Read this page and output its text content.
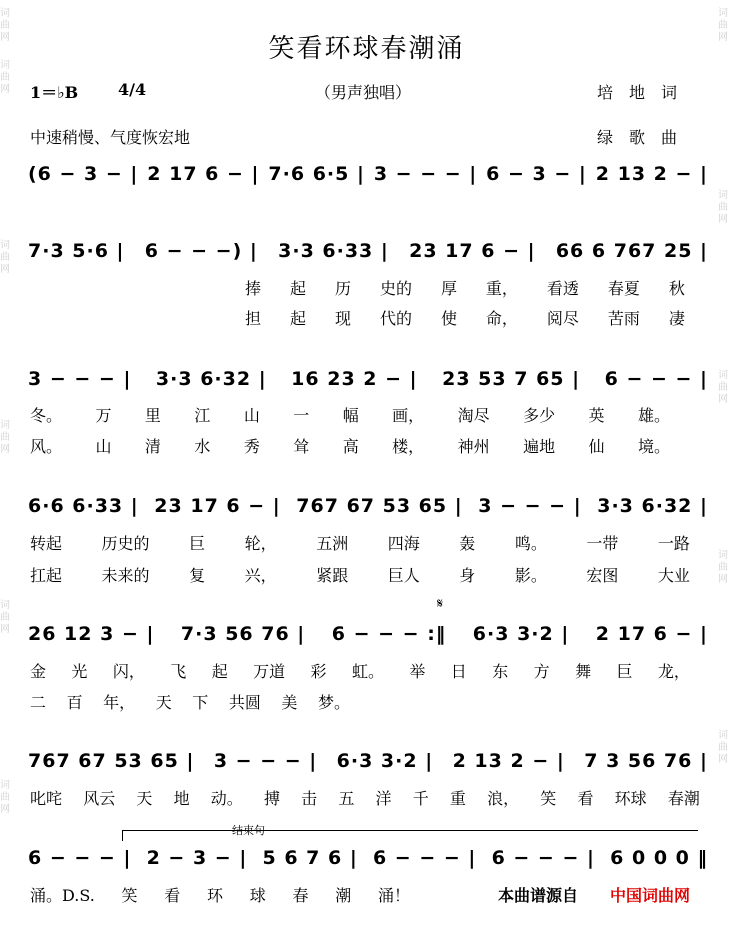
词
曲
网
词
曲
网
词
曲
网
词
曲
网
词
曲
网
词
曲
网
词
曲
网
词
曲
网
词
曲
网
词
曲
网
词
曲
网
笑看环球春潮涌
1＝♭B 4/4	（男声独唱）	培　地　词
中速稍慢、气度恢宏地	绿　歌　曲
(6 − 3 − | 2 17 6 − | 7·6 6·5 | 3 − − − | 6 − 3 − | 2 13 2 − |
7·3 5·6 | 6 − − −) | 3·3 6·33 | 23 17 6 − | 66 6 767 25 |
捧 起 历 史的 厚 重， 看透 春夏 秋
担 起 现 代的 使 命， 阅尽 苦雨 凄
3 − − − | 3·3 6·32 | 16 23 2 − | 23 53 7 65 | 6 − − − |
冬。 万 里 江 山 一 幅 画， 淘尽 多少 英 雄。
风。 山 清 水 秀 耸 高 楼， 神州 遍地 仙 境。
6·6 6·33 | 23 17 6 − | 767 67 53 65 | 3 − − − | 3·3 6·32 |
转起 历史的 巨 轮， 五洲 四海 轰 鸣。 一带 一路
扛起 未来的 复 兴， 紧跟 巨人 身 影。 宏图 大业
𝄋
26 12 3 − | 7·3 56 76 | 6 − − − :‖ 6·3 3·2 | 2 17 6 − |
金 光 闪， 飞 起 万道 彩 虹。 举 日 东 方 舞 巨 龙，
二 百 年， 天 下 共圆 美 梦。
767 67 53 65 | 3 − − − | 6·3 3·2 | 2 13 2 − | 7 3 56 76 |
叱咤 风云 天 地 动。 搏 击 五 洋 千 重 浪， 笑 看 环球 春潮
结束句
6 − − − | 2 − 3 − | 5 6 7 6 | 6 − − − | 6 − − − | 6 0 0 0 ‖
涌。D.S. 笑 看 环 球 春 潮 涌！	本曲谱源自 中国词曲网
